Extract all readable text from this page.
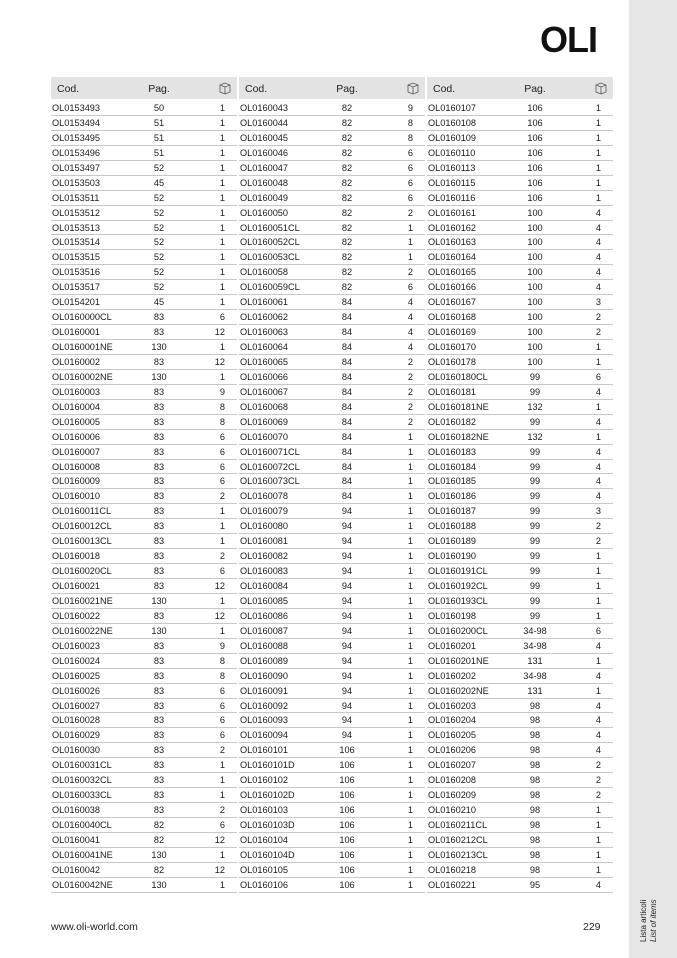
Lista articoli List of items
OLI
Cod.	Pag.
OL0153493	50	1
OL0153494	51	1
OL0153495	51	1
OL0153496	51	1
OL0153497	52	1
OL0153503	45	1
OL0153511	52	1
OL0153512	52	1
OL0153513	52	1
OL0153514	52	1
OL0153515	52	1
OL0153516	52	1
OL0153517	52	1
OL0154201	45	1
OL0160000CL	83	6
OL0160001	83	12
OL0160001NE	130	1
OL0160002	83	12
OL0160002NE	130	1
OL0160003	83	9
OL0160004	83	8
OL0160005	83	8
OL0160006	83	6
OL0160007	83	6
OL0160008	83	6
OL0160009	83	6
OL0160010	83	2
OL0160011CL	83	1
OL0160012CL	83	1
OL0160013CL	83	1
OL0160018	83	2
OL0160020CL	83	6
OL0160021	83	12
OL0160021NE	130	1
OL0160022	83	12
OL0160022NE	130	1
OL0160023	83	9
OL0160024	83	8
OL0160025	83	8
OL0160026	83	6
OL0160027	83	6
OL0160028	83	6
OL0160029	83	6
OL0160030	83	2
OL0160031CL	83	1
OL0160032CL	83	1
OL0160033CL	83	1
OL0160038	83	2
OL0160040CL	82	6
OL0160041	82	12
OL0160041NE	130	1
OL0160042	82	12
OL0160042NE	130	1
Cod.	Pag.
OL0160043	82	9
OL0160044	82	8
OL0160045	82	8
OL0160046	82	6
OL0160047	82	6
OL0160048	82	6
OL0160049	82	6
OL0160050	82	2
OL0160051CL	82	1
OL0160052CL	82	1
OL0160053CL	82	1
OL0160058	82	2
OL0160059CL	82	6
OL0160061	84	4
OL0160062	84	4
OL0160063	84	4
OL0160064	84	4
OL0160065	84	2
OL0160066	84	2
OL0160067	84	2
OL0160068	84	2
OL0160069	84	2
OL0160070	84	1
OL0160071CL	84	1
OL0160072CL	84	1
OL0160073CL	84	1
OL0160078	84	1
OL0160079	94	1
OL0160080	94	1
OL0160081	94	1
OL0160082	94	1
OL0160083	94	1
OL0160084	94	1
OL0160085	94	1
OL0160086	94	1
OL0160087	94	1
OL0160088	94	1
OL0160089	94	1
OL0160090	94	1
OL0160091	94	1
OL0160092	94	1
OL0160093	94	1
OL0160094	94	1
OL0160101	106	1
OL0160101D	106	1
OL0160102	106	1
OL0160102D	106	1
OL0160103	106	1
OL0160103D	106	1
OL0160104	106	1
OL0160104D	106	1
OL0160105	106	1
OL0160106	106	1
Cod.	Pag.
OL0160107	106	1
OL0160108	106	1
OL0160109	106	1
OL0160110	106	1
OL0160113	106	1
OL0160115	106	1
OL0160116	106	1
OL0160161	100	4
OL0160162	100	4
OL0160163	100	4
OL0160164	100	4
OL0160165	100	4
OL0160166	100	4
OL0160167	100	3
OL0160168	100	2
OL0160169	100	2
OL0160170	100	1
OL0160178	100	1
OL0160180CL	99	6
OL0160181	99	4
OL0160181NE	132	1
OL0160182	99	4
OL0160182NE	132	1
OL0160183	99	4
OL0160184	99	4
OL0160185	99	4
OL0160186	99	4
OL0160187	99	3
OL0160188	99	2
OL0160189	99	2
OL0160190	99	1
OL0160191CL	99	1
OL0160192CL	99	1
OL0160193CL	99	1
OL0160198	99	1
OL0160200CL	34-98	6
OL0160201	34-98	4
OL0160201NE	131	1
OL0160202	34-98	4
OL0160202NE	131	1
OL0160203	98	4
OL0160204	98	4
OL0160205	98	4
OL0160206	98	4
OL0160207	98	2
OL0160208	98	2
OL0160209	98	2
OL0160210	98	1
OL0160211CL	98	1
OL0160212CL	98	1
OL0160213CL	98	1
OL0160218	98	1
OL0160221	95	4
www.oli-world.com	229
